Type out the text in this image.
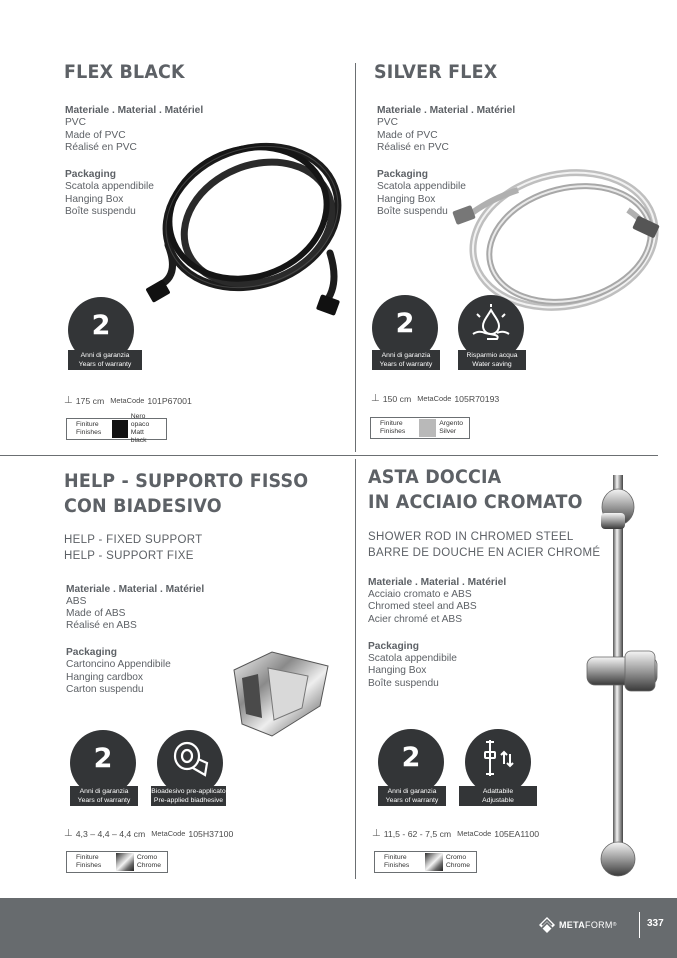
FLEX BLACK
Materiale . Material . Matériel
PVC
Made of PVC
Réalisé en PVC
Packaging
Scatola appendibile
Hanging Box
Boîte suspendu
2
Anni di garanzia
Years of warranty
⊥ 175 cm MetaCode 101P67001
Finiture
Finishes
Nero opaco
Matt black
SILVER FLEX
Materiale . Material . Matériel
PVC
Made of PVC
Réalisé en PVC
Packaging
Scatola appendibile
Hanging Box
Boîte suspendu
2
Anni di garanzia
Years of warranty
Risparmio acqua
Water saving
⊥ 150 cm MetaCode 105R70193
Finiture
Finishes
Argento
Silver
HELP - SUPPORTO FISSO
CON BIADESIVO
HELP - FIXED SUPPORT
HELP - SUPPORT FIXE
Materiale . Material . Matériel
ABS
Made of ABS
Réalisé en ABS
Packaging
Cartoncino Appendibile
Hanging cardbox
Carton suspendu
2
Anni di garanzia
Years of warranty
Bioadesivo pre-applicato
Pre-applied biadhesive
⊥ 4,3 – 4,4 – 4,4 cm MetaCode 105H37100
Finiture
Finishes
Cromo
Chrome
ASTA DOCCIA
IN ACCIAIO CROMATO
SHOWER ROD IN CHROMED STEEL
BARRE DE DOUCHE EN ACIER CHROMÉ
Materiale . Material . Matériel
Acciaio cromato e ABS
Chromed steel and ABS
Acier chromé et ABS
Packaging
Scatola appendibile
Hanging Box
Boîte suspendu
2
Anni di garanzia
Years of warranty
Adattabile
Adjustable
⊥ 11,5 - 62 - 7,5 cm MetaCode 105EA1100
Finiture
Finishes
Cromo
Chrome
META FORM ®	337
